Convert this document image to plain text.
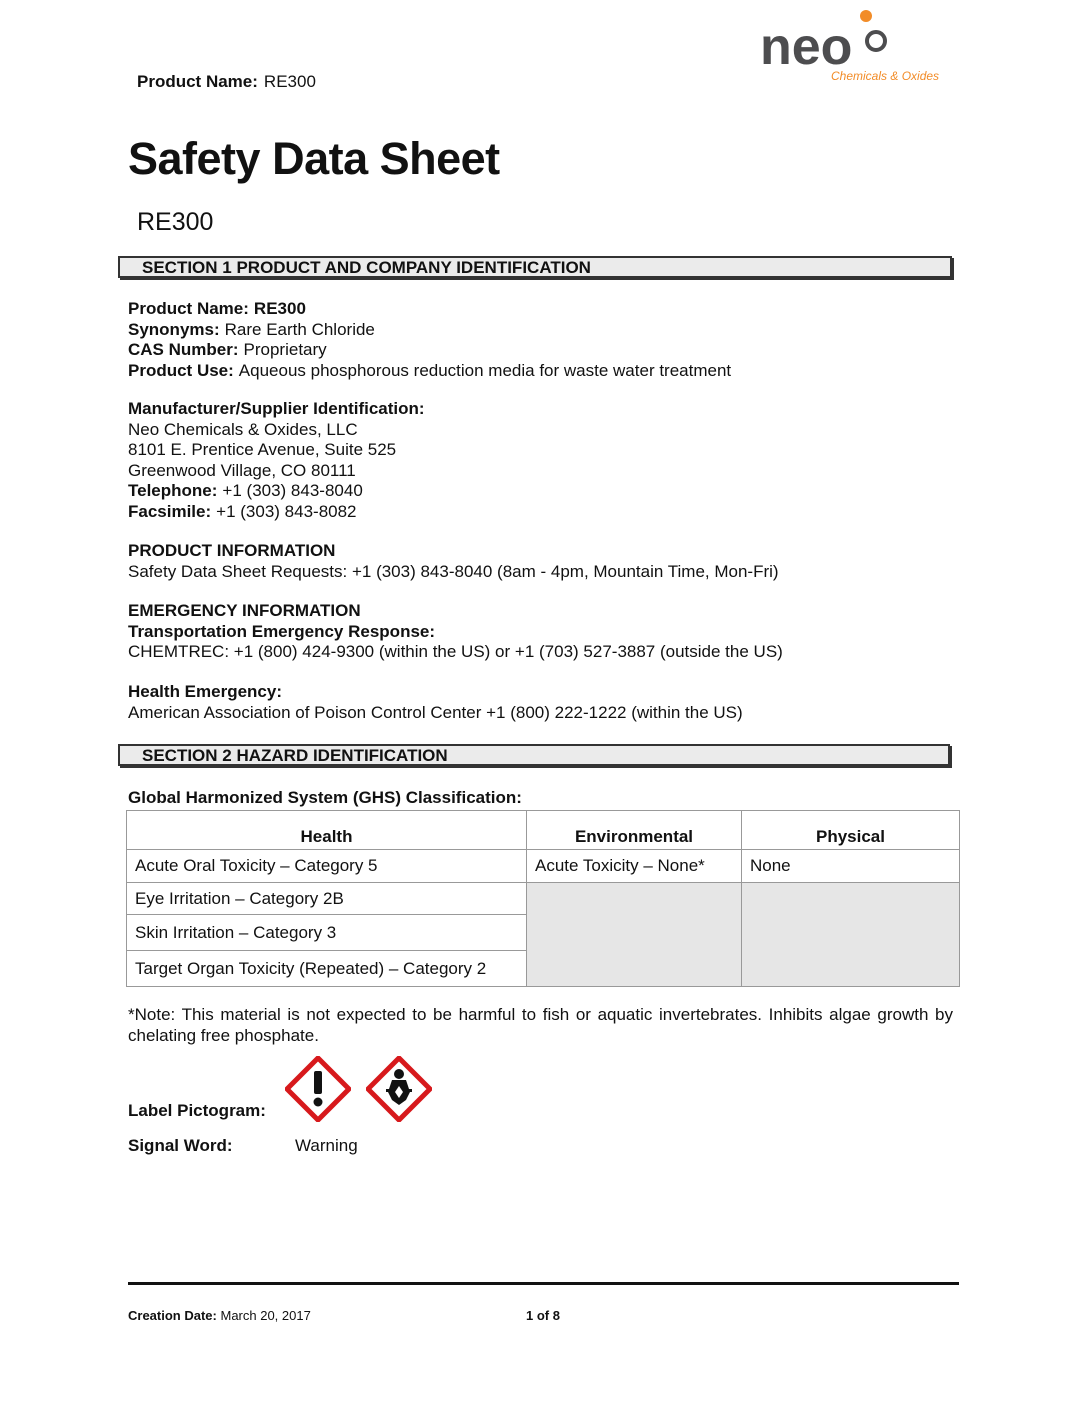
Product Name: RE300
neo
Chemicals & Oxides
Safety Data Sheet
RE300
SECTION 1 PRODUCT AND COMPANY IDENTIFICATION
Product Name: RE300
Synonyms: Rare Earth Chloride
CAS Number: Proprietary
Product Use: Aqueous phosphorous reduction media for waste water treatment
Manufacturer/Supplier Identification:
Neo Chemicals & Oxides, LLC
8101 E. Prentice Avenue, Suite 525
Greenwood Village, CO 80111
Telephone: +1 (303) 843-8040
Facsimile: +1 (303) 843-8082
PRODUCT INFORMATION
Safety Data Sheet Requests: +1 (303) 843-8040 (8am - 4pm, Mountain Time, Mon-Fri)
EMERGENCY INFORMATION
Transportation Emergency Response:
CHEMTREC: +1 (800) 424-9300 (within the US) or +1 (703) 527-3887 (outside the US)
Health Emergency:
American Association of Poison Control Center +1 (800) 222-1222 (within the US)
SECTION 2 HAZARD IDENTIFICATION
Global Harmonized System (GHS) Classification:
Health	Environmental	Physical
Acute Oral Toxicity – Category 5	Acute Toxicity – None*	None
Eye Irritation – Category 2B		
Skin Irritation – Category 3		
Target Organ Toxicity (Repeated) – Category 2		
*Note: This material is not expected to be harmful to fish or aquatic invertebrates. Inhibits algae growth by chelating free phosphate.
Label Pictogram:
Signal Word:	Warning
Creation Date: March 20, 2017	1 of 8
